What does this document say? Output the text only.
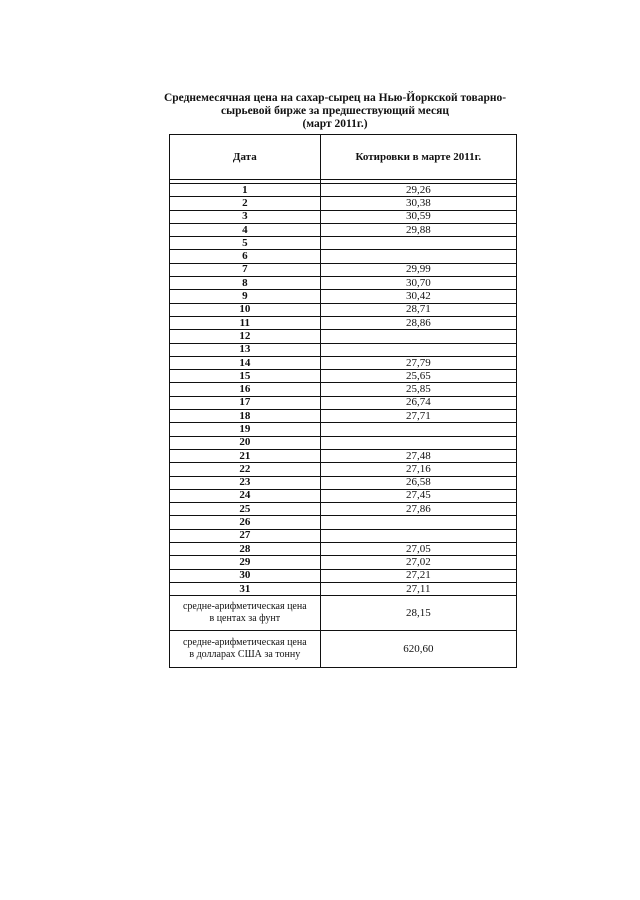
Среднемесячная цена на сахар-сырец на Нью-Йоркской товарно-
сырьевой бирже за предшествующий месяц
(март 2011г.)
Дата	Котировки в марте 2011г.

1	29,26
2	30,38
3	30,59
4	29,88
5	
6	
7	29,99
8	30,70
9	30,42
10	28,71
11	28,86
12	
13	
14	27,79
15	25,65
16	25,85
17	26,74
18	27,71
19	
20	
21	27,48
22	27,16
23	26,58
24	27,45
25	27,86
26	
27	
28	27,05
29	27,02
30	27,21
31	27,11

средне-арифметическая цена
в центах за фунт	28,15

средне-арифметическая цена
в долларах США за тонну	620,60
